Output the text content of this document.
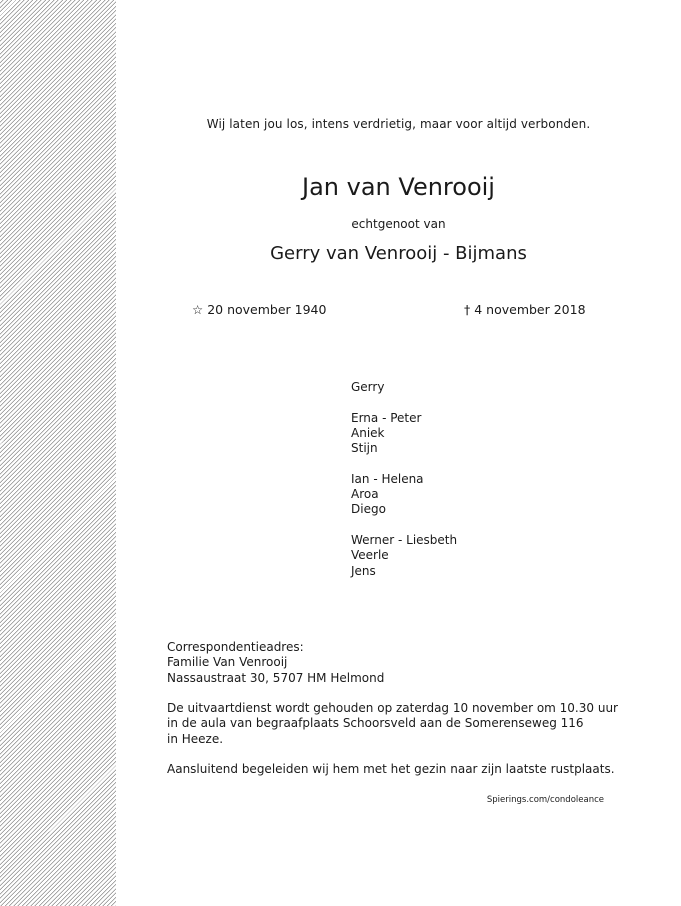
Wij laten jou los, intens verdrietig, maar voor altijd verbonden.
Jan van Venrooij
echtgenoot van
Gerry van Venrooij - Bijmans
☆ 20 november 1940	† 4 november 2018
Gerry
Erna - Peter
Aniek
Stijn
Ian - Helena
Aroa
Diego
Werner - Liesbeth
Veerle
Jens
Correspondentieadres:
Familie Van Venrooij
Nassaustraat 30, 5707 HM Helmond
De uitvaartdienst wordt gehouden op zaterdag 10 november om 10.30 uur
in de aula van begraafplaats Schoorsveld aan de Somerenseweg 116
in Heeze.
Aansluitend begeleiden wij hem met het gezin naar zijn laatste rustplaats.
Spierings.com/condoleance
